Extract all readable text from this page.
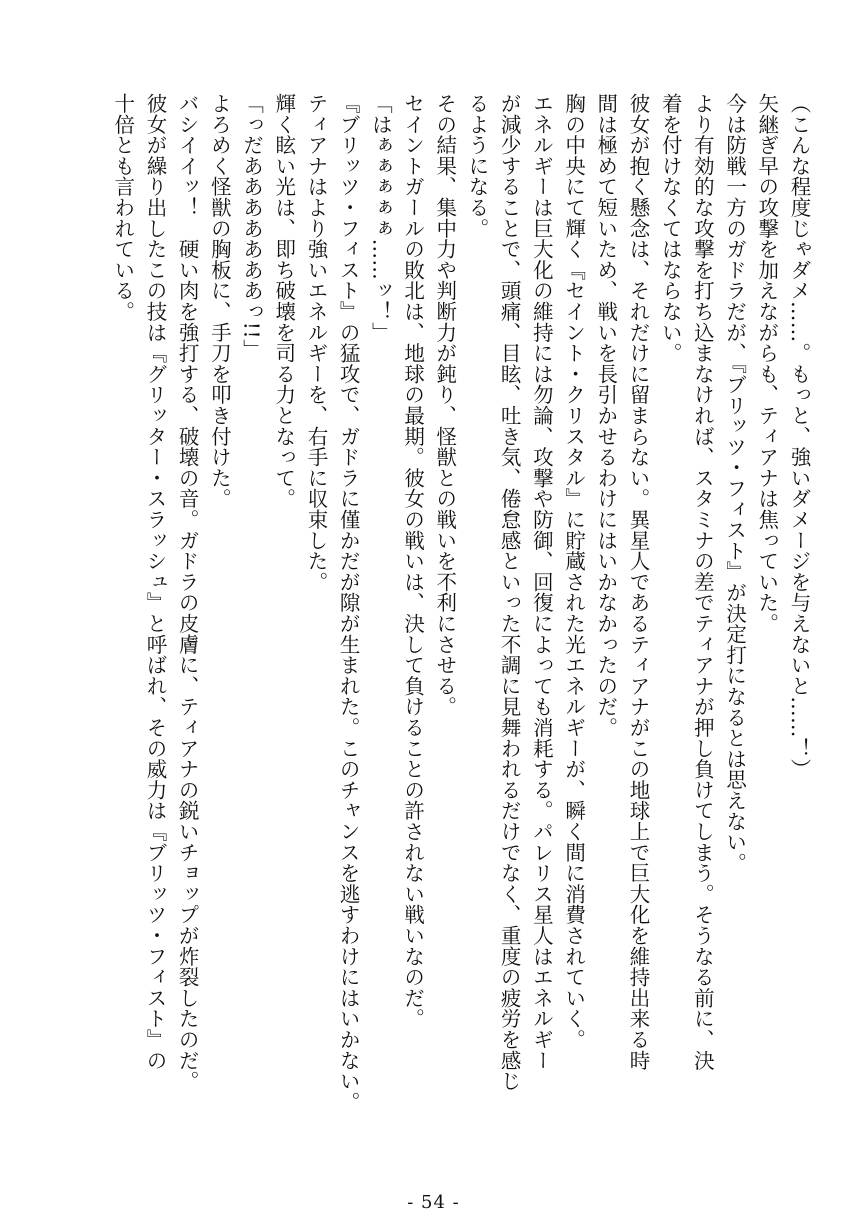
（こんな程度じゃダメ……。もっと、強いダメージを与えないと……！）
矢継ぎ早の攻撃を加えながらも、ティアナは焦っていた。
今は防戦一方のガドラだが、『ブリッツ・フィスト』が決定打になるとは思えない。
より有効的な攻撃を打ち込まなければ、スタミナの差でティアナが押し負けてしまう。そうなる前に、決
着を付けなくてはならない。
彼女が抱く懸念は、それだけに留まらない。異星人であるティアナがこの地球上で巨大化を維持出来る時
間は極めて短いため、戦いを長引かせるわけにはいかなかったのだ。
胸の中央にて輝く『セイント・クリスタル』に貯蔵された光エネルギーが、瞬く間に消費されていく。
エネルギーは巨大化の維持には勿論、攻撃や防御、回復によっても消耗する。パレリス星人はエネルギー
が減少することで、頭痛、目眩、吐き気、倦怠感といった不調に見舞われるだけでなく、重度の疲労を感じ
るようになる。
その結果、集中力や判断力が鈍り、怪獣との戦いを不利にさせる。
セイントガールの敗北は、地球の最期。彼女の戦いは、決して負けることの許されない戦いなのだ。
「はぁぁぁぁぁ……ッ！」
『ブリッツ・フィスト』の猛攻で、ガドラに僅かだが隙が生まれた。このチャンスを逃すわけにはいかない。
ティアナはより強いエネルギーを、右手に収束した。
輝く眩い光は、即ち破壊を司る力となって。
「っだあああああああっ!!」
よろめく怪獣の胸板に、手刀を叩き付けた。
バシイイッ！　硬い肉を強打する、破壊の音。ガドラの皮膚に、ティアナの鋭いチョップが炸裂したのだ。
彼女が繰り出したこの技は『グリッター・スラッシュ』と呼ばれ、その威力は『ブリッツ・フィスト』の
十倍とも言われている。
- 54 -
